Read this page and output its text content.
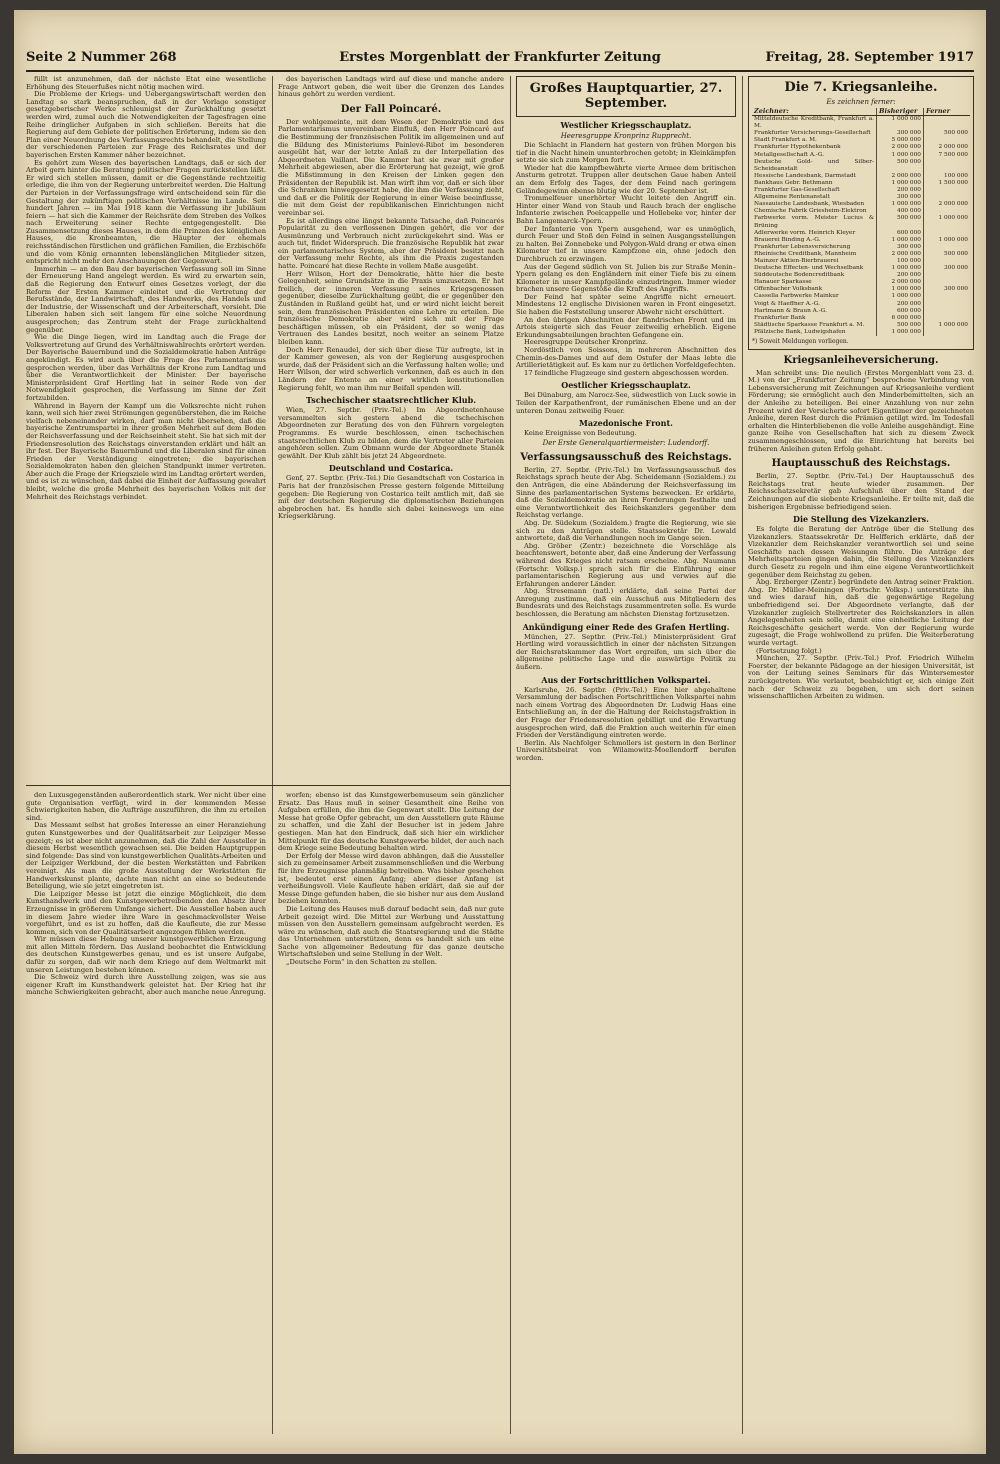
Seite 2 Nummer 268	Erstes Morgenblatt der Frankfurter Zeitung	Freitag, 28. September 1917

füllt ist anzunehmen, daß der nächste Etat eine wesentliche Erhöhung des Steuerfußes nicht nötig machen wird.

Die Probleme der Kriegs- und Uebergangswirtschaft werden den Landtag so stark beanspruchen, daß in der Vorlage sonstiger gesetzgeberischer Werke schleunigst der Zurückhaltung gesetzt werden wird, zumal auch die Notwendigkeiten der Tagesfragen eine Reihe dringlicher Aufgaben in sich schließen. Bereits hat die Regierung auf dem Gebiete der politischen Erörterung, indem sie den Plan einer Neuordnung des Verfassungsrechts behandelt, die Stellung der verschiedenen Parteien zur Frage des Reichsrates und der bayerischen Ersten Kammer näher bezeichnet.

Es gehört zum Wesen des bayerischen Landtags, daß er sich der Arbeit gern hinter die Beratung politischer Fragen zurückstellen läßt. Er wird sich stellen müssen, damit er die Gegenstände rechtzeitig erledige, die ihm von der Regierung unterbreitet werden. Die Haltung der Parteien in der Verfassungsfrage wird entscheidend sein für die Gestaltung der zukünftigen politischen Verhältnisse im Lande. Seit hundert Jahren — im Mai 1918 kann die Verfassung ihr Jubiläum feiern — hat sich die Kammer der Reichsräte dem Streben des Volkes nach Erweiterung seiner Rechte entgegengestellt. Die Zusammensetzung dieses Hauses, in dem die Prinzen des königlichen Hauses, die Kronbeamten, die Häupter der ehemals reichsständischen fürstlichen und gräflichen Familien, die Erzbischöfe und die vom König ernannten lebenslänglichen Mitglieder sitzen, entspricht nicht mehr den Anschauungen der Gegenwart.

Immerhin — an den Bau der bayerischen Verfassung soll im Sinne der Erneuerung Hand angelegt werden. Es wird zu erwarten sein, daß die Regierung den Entwurf eines Gesetzes vorlegt, der die Reform der Ersten Kammer einleitet und die Vertretung der Berufsstände, der Landwirtschaft, des Handwerks, des Handels und der Industrie, der Wissenschaft und der Arbeiterschaft, vorsieht. Die Liberalen haben sich seit langem für eine solche Neuordnung ausgesprochen; das Zentrum steht der Frage zurückhaltend gegenüber.

Wie die Dinge liegen, wird im Landtag auch die Frage der Volksvertretung auf Grund des Verhältniswahlrechts erörtert werden. Der Bayerische Bauernbund und die Sozialdemokratie haben Anträge angekündigt. Es wird auch über die Frage des Parlamentarismus gesprochen werden, über das Verhältnis der Krone zum Landtag und über die Verantwortlichkeit der Minister. Der bayerische Ministerpräsident Graf Hertling hat in seiner Rede von der Notwendigkeit gesprochen, die Verfassung im Sinne der Zeit fortzubilden.

Während in Bayern der Kampf um die Volksrechte nicht ruhen kann, weil sich hier zwei Strömungen gegenüberstehen, die im Reiche vielfach nebeneinander wirken, darf man nicht übersehen, daß die bayerische Zentrumspartei in ihrer großen Mehrheit auf dem Boden der Reichsverfassung und der Reichseinheit steht. Sie hat sich mit der Friedensresolution des Reichstags einverstanden erklärt und hält an ihr fest. Der Bayerische Bauernbund und die Liberalen sind für einen Frieden der Verständigung eingetreten; die bayerischen Sozialdemokraten haben den gleichen Standpunkt immer vertreten. Aber auch die Frage der Kriegsziele wird im Landtag erörtert werden, und es ist zu wünschen, daß dabei die Einheit der Auffassung gewahrt bleibt, welche die große Mehrheit des bayerischen Volkes mit der Mehrheit des Reichstags verbindet.

des bayerischen Landtags wird auf diese und manche andere Frage Antwort geben, die weit über die Grenzen des Landes hinaus gehört zu werden verdient.

Der Fall Poincaré.

Der wohlgemeinte, mit dem Wesen der Demokratie und des Parlamentarismus unvereinbare Einfluß, den Herr Poincaré auf die Bestimmung der französischen Politik im allgemeinen und auf die Bildung des Ministeriums Painlevé-Ribot im besonderen ausgeübt hat, war der letzte Anlaß zu der Interpellation des Abgeordneten Vaillant. Die Kammer hat sie zwar mit großer Mehrheit abgewiesen, aber die Erörterung hat gezeigt, wie groß die Mißstimmung in den Kreisen der Linken gegen den Präsidenten der Republik ist. Man wirft ihm vor, daß er sich über die Schranken hinweggesetzt habe, die ihm die Verfassung zieht, und daß er die Politik der Regierung in einer Weise beeinflusse, die mit dem Geist der republikanischen Einrichtungen nicht vereinbar sei.

Es ist allerdings eine längst bekannte Tatsache, daß Poincarés Popularität zu den verflossenen Dingen gehört, die vor der Ausmünzung und Verbrauch nicht zurückgekehrt sind. Was er auch tut, findet Widerspruch. Die französische Republik hat zwar ein parlamentarisches System, aber der Präsident besitzt nach der Verfassung mehr Rechte, als ihm die Praxis zugestanden hatte. Poincaré hat diese Rechte in vollem Maße ausgeübt.

Herr Wilson, Hort der Demokratie, hätte hier die beste Gelegenheit, seine Grundsätze in die Praxis umzusetzen. Er hat freilich, der inneren Verfassung seines Kriegsgenossen gegenüber, dieselbe Zurückhaltung geübt, die er gegenüber den Zuständen in Rußland geübt hat, und er wird nicht leicht bereit sein, dem französischen Präsidenten eine Lehre zu erteilen. Die französische Demokratie aber wird sich mit der Frage beschäftigen müssen, ob ein Präsident, der so wenig das Vertrauen des Landes besitzt, noch weiter an seinem Platze bleiben kann.

Doch Herr Renaudel, der sich über diese Tür aufregte, ist in der Kammer gewesen, als von der Regierung ausgesprochen wurde, daß der Präsident sich an die Verfassung halten wolle; und Herr Wilson, der wird schwerlich verkennen, daß es auch in den Ländern der Entente an einer wirklich konstitutionellen Regierung fehlt, wo man ihm nur Beifall spenden will.

Tschechischer staatsrechtlicher Klub.

Wien, 27. Septbr. (Priv.-Tel.) Im Abgeordnetenhause versammelten sich gestern abend die tschechischen Abgeordneten zur Beratung des von den Führern vorgelegten Programms. Es wurde beschlossen, einen tschechischen staatsrechtlichen Klub zu bilden, dem die Vertreter aller Parteien angehören sollen. Zum Obmann wurde der Abgeordnete Staněk gewählt. Der Klub zählt bis jetzt 24 Abgeordnete.

Deutschland und Costarica.

Genf, 27. Septbr. (Priv.-Tel.) Die Gesandtschaft von Costarica in Paris hat der französischen Presse gestern folgende Mitteilung gegeben: Die Regierung von Costarica teilt amtlich mit, daß sie mit der deutschen Regierung die diplomatischen Beziehungen abgebrochen hat. Es handle sich dabei keineswegs um eine Kriegserklärung.

den Luxusgegenständen außerordentlich stark. Wer nicht über eine gute Organisation verfügt, wird in der kommenden Messe Schwierigkeiten haben, die Aufträge auszuführen, die ihm zu erteilen sind.

Das Messamt selbst hat großes Interesse an einer Heranziehung guten Kunstgewerbes und der Qualitätsarbeit zur Leipziger Messe gezeigt; es ist aber nicht anzunehmen, daß die Zahl der Aussteller in diesem Herbst wesentlich gewachsen sei. Die beiden Hauptgruppen sind folgende: Das sind von kunstgewerblichen Qualitäts-Arbeiten und der Leipziger Werkbund, der die besten Werkstätten und Fabriken vereinigt. Als man die große Ausstellung der Werkstätten für Handwerkskunst plante, dachte man nicht an eine so bedeutende Beteiligung, wie sie jetzt eingetreten ist.

Die Leipziger Messe ist jetzt die einzige Möglichkeit, die dem Kunsthandwerk und den Kunstgewerbetreibenden den Absatz ihrer Erzeugnisse in größerem Umfange sichert. Die Aussteller haben auch in diesem Jahre wieder ihre Ware in geschmackvollster Weise vorgeführt, und es ist zu hoffen, daß die Kaufleute, die zur Messe kommen, sich von der Qualitätsarbeit angezogen fühlen werden.

Wir müssen diese Hebung unserer kunstgewerblichen Erzeugung mit allen Mitteln fördern. Das Ausland beobachtet die Entwicklung des deutschen Kunstgewerbes genau, und es ist unsere Aufgabe, dafür zu sorgen, daß wir nach dem Kriege auf dem Weltmarkt mit unseren Leistungen bestehen können.

Die Schweiz wird durch ihre Ausstellung zeigen, was sie aus eigener Kraft im Kunsthandwerk geleistet hat. Der Krieg hat ihr manche Schwierigkeiten gebracht, aber auch manche neue Anregung.

worfen; ebenso ist das Kunstgewerbemuseum sein gänzlicher Ersatz. Das Haus muß in seiner Gesamtheit eine Reihe von Aufgaben erfüllen, die ihm die Gegenwart stellt. Die Leitung der Messe hat große Opfer gebracht, um den Ausstellern gute Räume zu schaffen, und die Zahl der Besucher ist in jedem Jahre gestiegen. Man hat den Eindruck, daß sich hier ein wirklicher Mittelpunkt für das deutsche Kunstgewerbe bildet, der auch nach dem Kriege seine Bedeutung behalten wird.

Der Erfolg der Messe wird davon abhängen, daß die Aussteller sich zu gemeinsamer Arbeit zusammenschließen und die Werbung für ihre Erzeugnisse planmäßig betreiben. Was bisher geschehen ist, bedeutet erst einen Anfang; aber dieser Anfang ist verheißungsvoll. Viele Kaufleute haben erklärt, daß sie auf der Messe Dinge gefunden haben, die sie bisher nur aus dem Ausland beziehen konnten.

Die Leitung des Hauses muß darauf bedacht sein, daß nur gute Arbeit gezeigt wird. Die Mittel zur Werbung und Ausstattung müssen von den Ausstellern gemeinsam aufgebracht werden. Es wäre zu wünschen, daß auch die Staatsregierung und die Städte das Unternehmen unterstützen, denn es handelt sich um eine Sache von allgemeiner Bedeutung für das ganze deutsche Wirtschaftsleben und seine Stellung in der Welt.

„Deutsche Form“ in den Schatten zu stellen.

Großes Hauptquartier, 27. September.
Westlicher Kriegsschauplatz.
Heeresgruppe Kronprinz Rupprecht.

Die Schlacht in Flandern hat gestern von frühen Morgen bis tief in die Nacht hinein ununterbrochen getobt; in Kleinkämpfen setzte sie sich zum Morgen fort.

Wieder hat die kampfbewährte vierte Armee dem britischen Ansturm getrotzt. Truppen aller deutschen Gaue haben Anteil an dem Erfolg des Tages, der dem Feind nach geringem Geländegewinn ebenso blutig wie der 20. September ist.

Trommelfeuer unerhörter Wucht leitete den Angriff ein. Hinter einer Wand von Staub und Rauch brach der englische Infanterie zwischen Poelcappelle und Hollebeke vor, hinter der Bahn Langemarck–Ypern.

Der Infanterie von Ypern ausgehend, war es unmöglich, durch Feuer und Stoß den Feind in seinen Ausgangsstellungen zu halten. Bei Zonnebeke und Polygon-Wald drang er etwa einen Kilometer tief in unsere Kampfzone ein, ohne jedoch den Durchbruch zu erzwingen.

Aus der Gegend südlich von St. Julien bis zur Straße Menin–Ypern gelang es den Engländern mit einer Tiefe bis zu einem Kilometer in unser Kampfgelände einzudringen. Immer wieder brachen unsere Gegenstöße die Kraft des Angriffs.

Der Feind hat später seine Angriffe nicht erneuert. Mindestens 12 englische Divisionen waren in Front eingesetzt. Sie haben die Feststellung unserer Abwehr nicht erschüttert.

An den übrigen Abschnitten der flandrischen Front und im Artois steigerte sich das Feuer zeitweilig erheblich. Eigene Erkundungsabteilungen brachten Gefangene ein.

Heeresgruppe Deutscher Kronprinz.

Nordöstlich von Soissons, in mehreren Abschnitten des Chemin-des-Dames und auf dem Ostufer der Maas lebte die Artillerietätigkeit auf. Es kam nur zu örtlichen Vorfeldgefechten.

17 feindliche Flugzeuge sind gestern abgeschossen worden.

Oestlicher Kriegsschauplatz.

Bei Dünaburg, am Narocz-See, südwestlich von Luck sowie in Teilen der Karpathenfront, der rumänischen Ebene und an der unteren Donau zeitweilig Feuer.

Mazedonische Front.

Keine Ereignisse von Bedeutung.

Der Erste Generalquartiermeister: Ludendorff.
Verfassungsausschuß des Reichstags.

Berlin, 27. Septbr. (Priv.-Tel.) Im Verfassungsausschuß des Reichstags sprach heute der Abg. Scheidemann (Sozialdem.) zu den Anträgen, die eine Abänderung der Reichsverfassung im Sinne des parlamentarischen Systems bezwecken. Er erklärte, daß die Sozialdemokratie an ihren Forderungen festhalte und eine Verantwortlichkeit des Reichskanzlers gegenüber dem Reichstag verlange.

Abg. Dr. Südekum (Sozialdem.) fragte die Regierung, wie sie sich zu den Anträgen stelle. Staatssekretär Dr. Lewald antwortete, daß die Verhandlungen noch im Gange seien.

Abg. Gröber (Zentr.) bezeichnete die Vorschläge als beachtenswert, betonte aber, daß eine Änderung der Verfassung während des Krieges nicht ratsam erscheine. Abg. Naumann (Fortschr. Volksp.) sprach sich für die Einführung einer parlamentarischen Regierung aus und verwies auf die Erfahrungen anderer Länder.

Abg. Stresemann (natl.) erklärte, daß seine Partei der Anregung zustimme, daß ein Ausschuß aus Mitgliedern des Bundesrats und des Reichstags zusammentreten solle. Es wurde beschlossen, die Beratung am nächsten Dienstag fortzusetzen.

Ankündigung einer Rede des Grafen Hertling.

München, 27. Septbr. (Priv.-Tel.) Ministerpräsident Graf Hertling wird voraussichtlich in einer der nächsten Sitzungen der Reichsratskammer das Wort ergreifen, um sich über die allgemeine politische Lage und die auswärtige Politik zu äußern.

Aus der Fortschrittlichen Volkspartei.

Karlsruhe, 26. Septbr. (Priv.-Tel.) Eine hier abgehaltene Versammlung der badischen Fortschrittlichen Volkspartei nahm nach einem Vortrag des Abgeordneten Dr. Ludwig Haas eine Entschließung an, in der die Haltung der Reichstagsfraktion in der Frage der Friedensresolution gebilligt und die Erwartung ausgesprochen wird, daß die Fraktion auch weiterhin für einen Frieden der Verständigung eintreten werde.

Berlin. Als Nachfolger Schmollers ist gestern in den Berliner Universitätsbeirat von Wilamowitz-Moellendorff berufen worden.

Die 7. Kriegsanleihe.
Es zeichnen ferner:
Zeichner:	Bisheriger	Ferner
Mitteldeutsche Kreditbank, Frankfurt a. M.	1 000 000	
Frankfurter Versicherungs-Gesellschaft	300 000	500 000
Stadt Frankfurt a. M.	5 000 000	
Frankfurter Hypothekenbank	2 000 000	2 000 000
Metallgesellschaft A.-G.	1 000 000	7 500 000
Deutsche Gold- und Silber-Scheideanstalt	500 000	
Hessische Landesbank, Darmstadt	2 000 000	100 000
Bankhaus Gebr. Bethmann	1 000 000	1 500 000
Frankfurter Gas-Gesellschaft	200 000	
Allgemeine Rentenanstalt	300 000	
Nassauische Landesbank, Wiesbaden	1 000 000	2 000 000
Chemische Fabrik Griesheim-Elektron	400 000	
Farbwerke vorm. Meister Lucius & Brüning	500 000	1 000 000
Adlerwerke vorm. Heinrich Kleyer	600 000	
Brauerei Binding A.-G.	1 000 000	1 000 000
Frankfurter Lebensversicherung	300 000	
Rheinische Creditbank, Mannheim	2 000 000	500 000
Mainzer Aktien-Bierbrauerei	100 000	
Deutsche Effecten- und Wechselbank	1 000 000	300 000
Süddeutsche Bodencreditbank	200 000	
Hanauer Sparkasse	2 000 000	
Offenbacher Volksbank	1 000 000	300 000
Cassella Farbwerke Mainkur	1 000 000	
Voigt & Haeffner A.-G.	200 000	
Hartmann & Braun A.-G.	600 000	
Frankfurter Bank	6 000 000	
Städtische Sparkasse Frankfurt a. M.	500 000	1 000 000
Pfälzische Bank, Ludwigshafen	1 000 000	
*) Soweit Meldungen vorliegen.
Kriegsanleiheversicherung.

Man schreibt uns: Die neulich (Erstes Morgenblatt vom 23. d. M.) von der „Frankfurter Zeitung“ besprochene Verbindung von Lebensversicherung mit Zeichnungen auf Kriegsanleihe verdient Förderung; sie ermöglicht auch den Minderbemittelten, sich an der Anleihe zu beteiligen. Bei einer Anzahlung von nur zehn Prozent wird der Versicherte sofort Eigentümer der gezeichneten Anleihe, deren Rest durch die Prämien getilgt wird. Im Todesfall erhalten die Hinterbliebenen die volle Anleihe ausgehändigt. Eine ganze Reihe von Gesellschaften hat sich zu diesem Zweck zusammengeschlossen, und die Einrichtung hat bereits bei früheren Anleihen guten Erfolg gehabt.

Hauptausschuß des Reichstags.

Berlin, 27. Septbr. (Priv.-Tel.) Der Hauptausschuß des Reichstags trat heute wieder zusammen. Der Reichsschatzsekretär gab Aufschluß über den Stand der Zeichnungen auf die siebente Kriegsanleihe. Er teilte mit, daß die bisherigen Ergebnisse befriedigend seien.

Die Stellung des Vizekanzlers.

Es folgte die Beratung der Anträge über die Stellung des Vizekanzlers. Staatssekretär Dr. Helfferich erklärte, daß der Vizekanzler dem Reichskanzler verantwortlich sei und seine Geschäfte nach dessen Weisungen führe. Die Anträge der Mehrheitsparteien gingen dahin, die Stellung des Vizekanzlers durch Gesetz zu regeln und ihm eine eigene Verantwortlichkeit gegenüber dem Reichstag zu geben.

Abg. Erzberger (Zentr.) begründete den Antrag seiner Fraktion. Abg. Dr. Müller-Meiningen (Fortschr. Volksp.) unterstützte ihn und wies darauf hin, daß die gegenwärtige Regelung unbefriedigend sei. Der Abgeordnete verlangte, daß der Vizekanzler zugleich Stellvertreter des Reichskanzlers in allen Angelegenheiten sein solle, damit eine einheitliche Leitung der Reichsgeschäfte gesichert werde. Von der Regierung wurde zugesagt, die Frage wohlwollend zu prüfen. Die Weiterberatung wurde vertagt.

(Fortsetzung folgt.)

München, 27. Septbr. (Priv.-Tel.) Prof. Friedrich Wilhelm Foerster, der bekannte Pädagoge an der hiesigen Universität, ist von der Leitung seines Seminars für das Wintersemester zurückgetreten. Wie verlautet, beabsichtigt er, sich einige Zeit nach der Schweiz zu begeben, um sich dort seinen wissenschaftlichen Arbeiten zu widmen.
